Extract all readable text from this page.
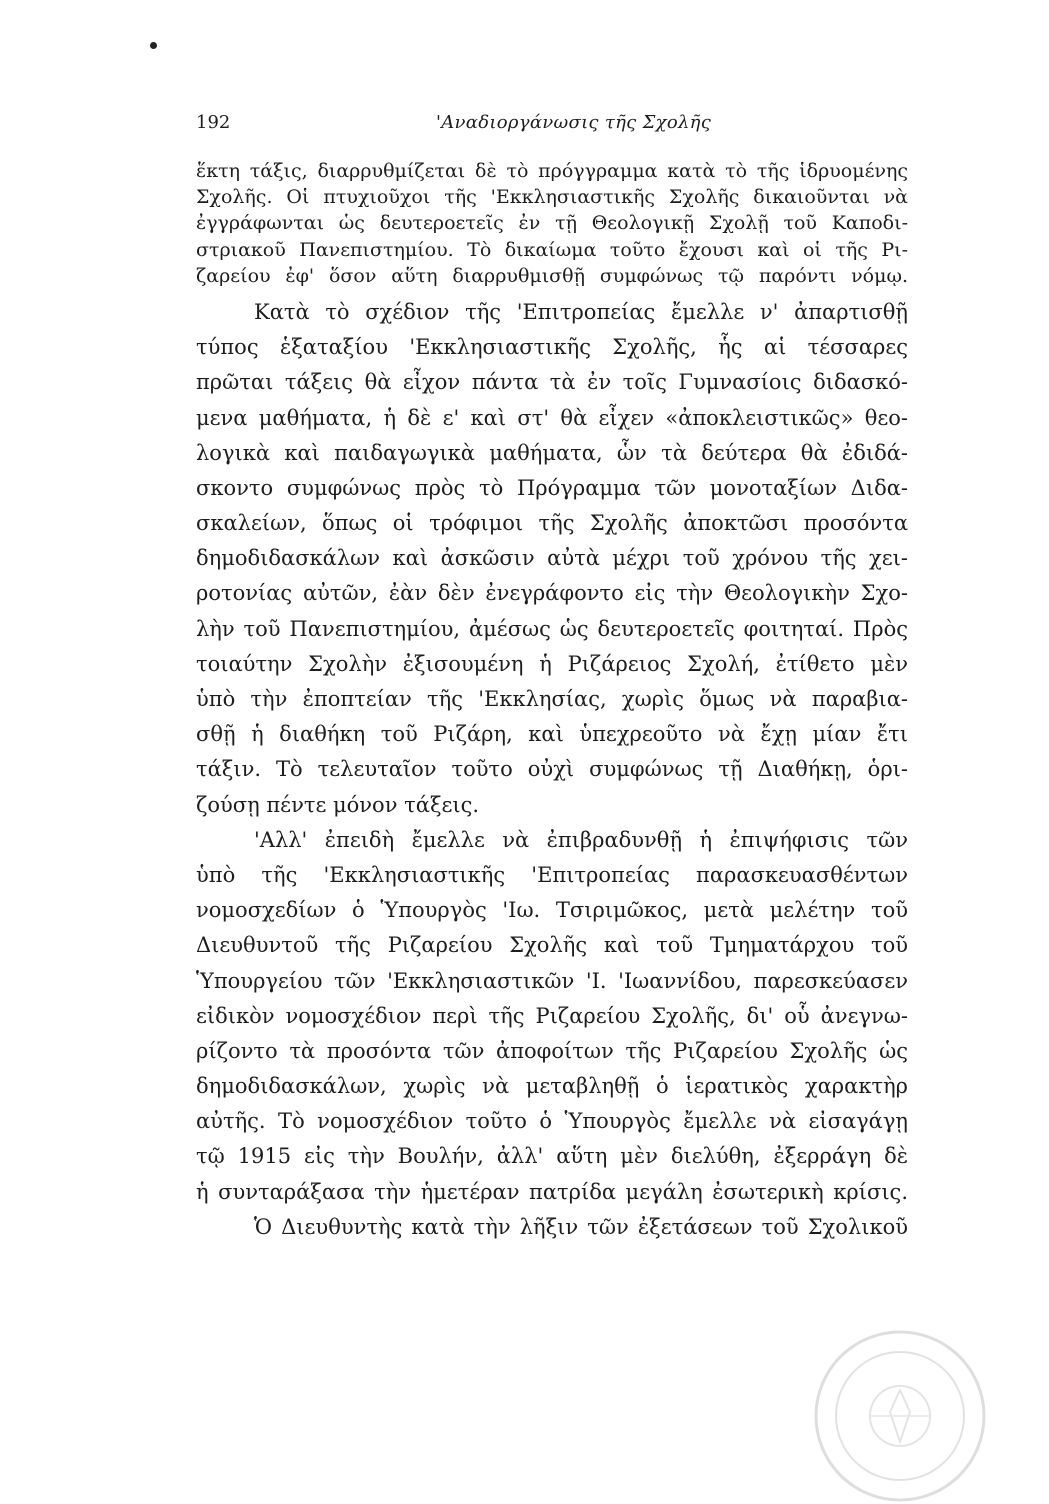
192	'Αναδιοργάνωσις τῆς Σχολῆς
ἕκτη τάξις, διαρρυθμίζεται δὲ τὸ πρόγγραμμα κατὰ τὸ τῆς ἱδρυομένης
Σχολῆς. Οἱ πτυχιοῦχοι τῆς 'Εκκλησιαστικῆς Σχολῆς δικαιοῦνται νὰ
ἐγγράφωνται ὡς δευτεροετεῖς ἐν τῇ Θεολογικῇ Σχολῇ τοῦ Καποδι-
στριακοῦ Πανεπιστημίου. Τὸ δικαίωμα τοῦτο ἔχουσι καὶ οἱ τῆς Ρι-
ζαρείου ἐφ' ὅσον αὕτη διαρρυθμισθῇ συμφώνως τῷ παρόντι νόμῳ.
Κατὰ τὸ σχέδιον τῆς 'Επιτροπείας ἔμελλε ν' ἀπαρτισθῇ
τύπος ἑξαταξίου 'Εκκλησιαστικῆς Σχολῆς, ἧς αἱ τέσσαρες
πρῶται τάξεις θὰ εἶχον πάντα τὰ ἐν τοῖς Γυμνασίοις διδασκό-
μενα μαθήματα, ἡ δὲ ε' καὶ στ' θὰ εἶχεν «ἀποκλειστικῶς» θεο-
λογικὰ καὶ παιδαγωγικὰ μαθήματα, ὧν τὰ δεύτερα θὰ ἐδιδά-
σκοντο συμφώνως πρὸς τὸ Πρόγραμμα τῶν μονοταξίων Διδα-
σκαλείων, ὅπως οἱ τρόφιμοι τῆς Σχολῆς ἀποκτῶσι προσόντα
δημοδιδασκάλων καὶ ἀσκῶσιν αὐτὰ μέχρι τοῦ χρόνου τῆς χει-
ροτονίας αὐτῶν, ἐὰν δὲν ἐνεγράφοντο εἰς τὴν Θεολογικὴν Σχο-
λὴν τοῦ Πανεπιστημίου, ἀμέσως ὡς δευτεροετεῖς φοιτηταί. Πρὸς
τοιαύτην Σχολὴν ἐξισουμένη ἡ Ριζάρειος Σχολή, ἐτίθετο μὲν
ὑπὸ τὴν ἐποπτείαν τῆς 'Εκκλησίας, χωρὶς ὅμως νὰ παραβια-
σθῇ ἡ διαθήκη τοῦ Ριζάρη, καὶ ὑπεχρεοῦτο νὰ ἔχῃ μίαν ἔτι
τάξιν. Τὸ τελευταῖον τοῦτο οὐχὶ συμφώνως τῇ Διαθήκῃ, ὁρι-
ζούσῃ πέντε μόνον τάξεις.
'Αλλ' ἐπειδὴ ἔμελλε νὰ ἐπιβραδυνθῇ ἡ ἐπιψήφισις τῶν
ὑπὸ τῆς 'Εκκλησιαστικῆς 'Επιτροπείας παρασκευασθέντων
νομοσχεδίων ὁ Ὑπουργὸς 'Ιω. Τσιριμῶκος, μετὰ μελέτην τοῦ
Διευθυντοῦ τῆς Ριζαρείου Σχολῆς καὶ τοῦ Τμηματάρχου τοῦ
Ὑπουργείου τῶν 'Εκκλησιαστικῶν 'Ι. 'Ιωαννίδου, παρεσκεύασεν
εἰδικὸν νομοσχέδιον περὶ τῆς Ριζαρείου Σχολῆς, δι' οὗ ἀνεγνω-
ρίζοντο τὰ προσόντα τῶν ἀποφοίτων τῆς Ριζαρείου Σχολῆς ὡς
δημοδιδασκάλων, χωρὶς νὰ μεταβληθῇ ὁ ἱερατικὸς χαρακτὴρ
αὐτῆς. Τὸ νομοσχέδιον τοῦτο ὁ Ὑπουργὸς ἔμελλε νὰ εἰσαγάγῃ
τῷ 1915 εἰς τὴν Βουλήν, ἀλλ' αὕτη μὲν διελύθη, ἐξερράγη δὲ
ἡ συνταράξασα τὴν ἡμετέραν πατρίδα μεγάλη ἐσωτερικὴ κρίσις.
Ὁ Διευθυντὴς κατὰ τὴν λῆξιν τῶν ἐξετάσεων τοῦ Σχολικοῦ
